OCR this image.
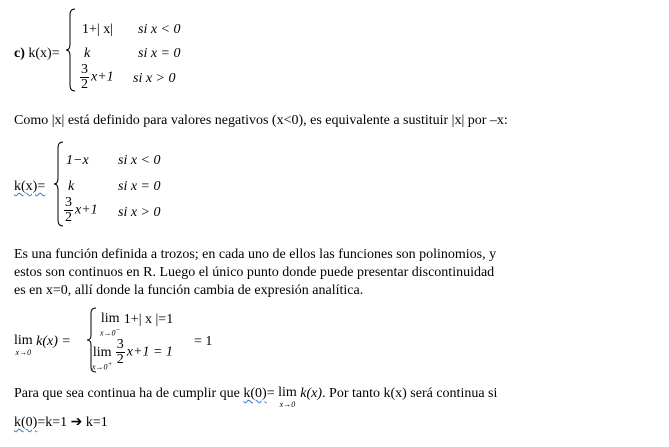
c) k(x)=
1+| x| si x < 0
k	si x = 0
$\frac{3}{2} x+1$ si x > 0
Como |x| está definido para valores negativos (x<0), es equivalente a sustituir |x| por –x:
k(x)=
1−x si x < 0
k	si x = 0
$\frac{3}{2} x+1$ si x > 0
Es una función definida a trozos; en cada uno de ellos las funciones son polinomios, y
estos son continuos en R. Luego el único punto donde puede presentar discontinuidad
es en x=0, allí donde la función cambia de expresión analítica.
lim
x→0
k(x) =
lim
x→0−
1+| x |=1
lim
x→0+
$\frac{3}{2} x+1 = 1$
= 1
Para que sea continua ha de cumplir que k(0)= lim
x→0
k(x). Por tanto k(x) será continua si
k(0)=k=1 ➔ k=1
